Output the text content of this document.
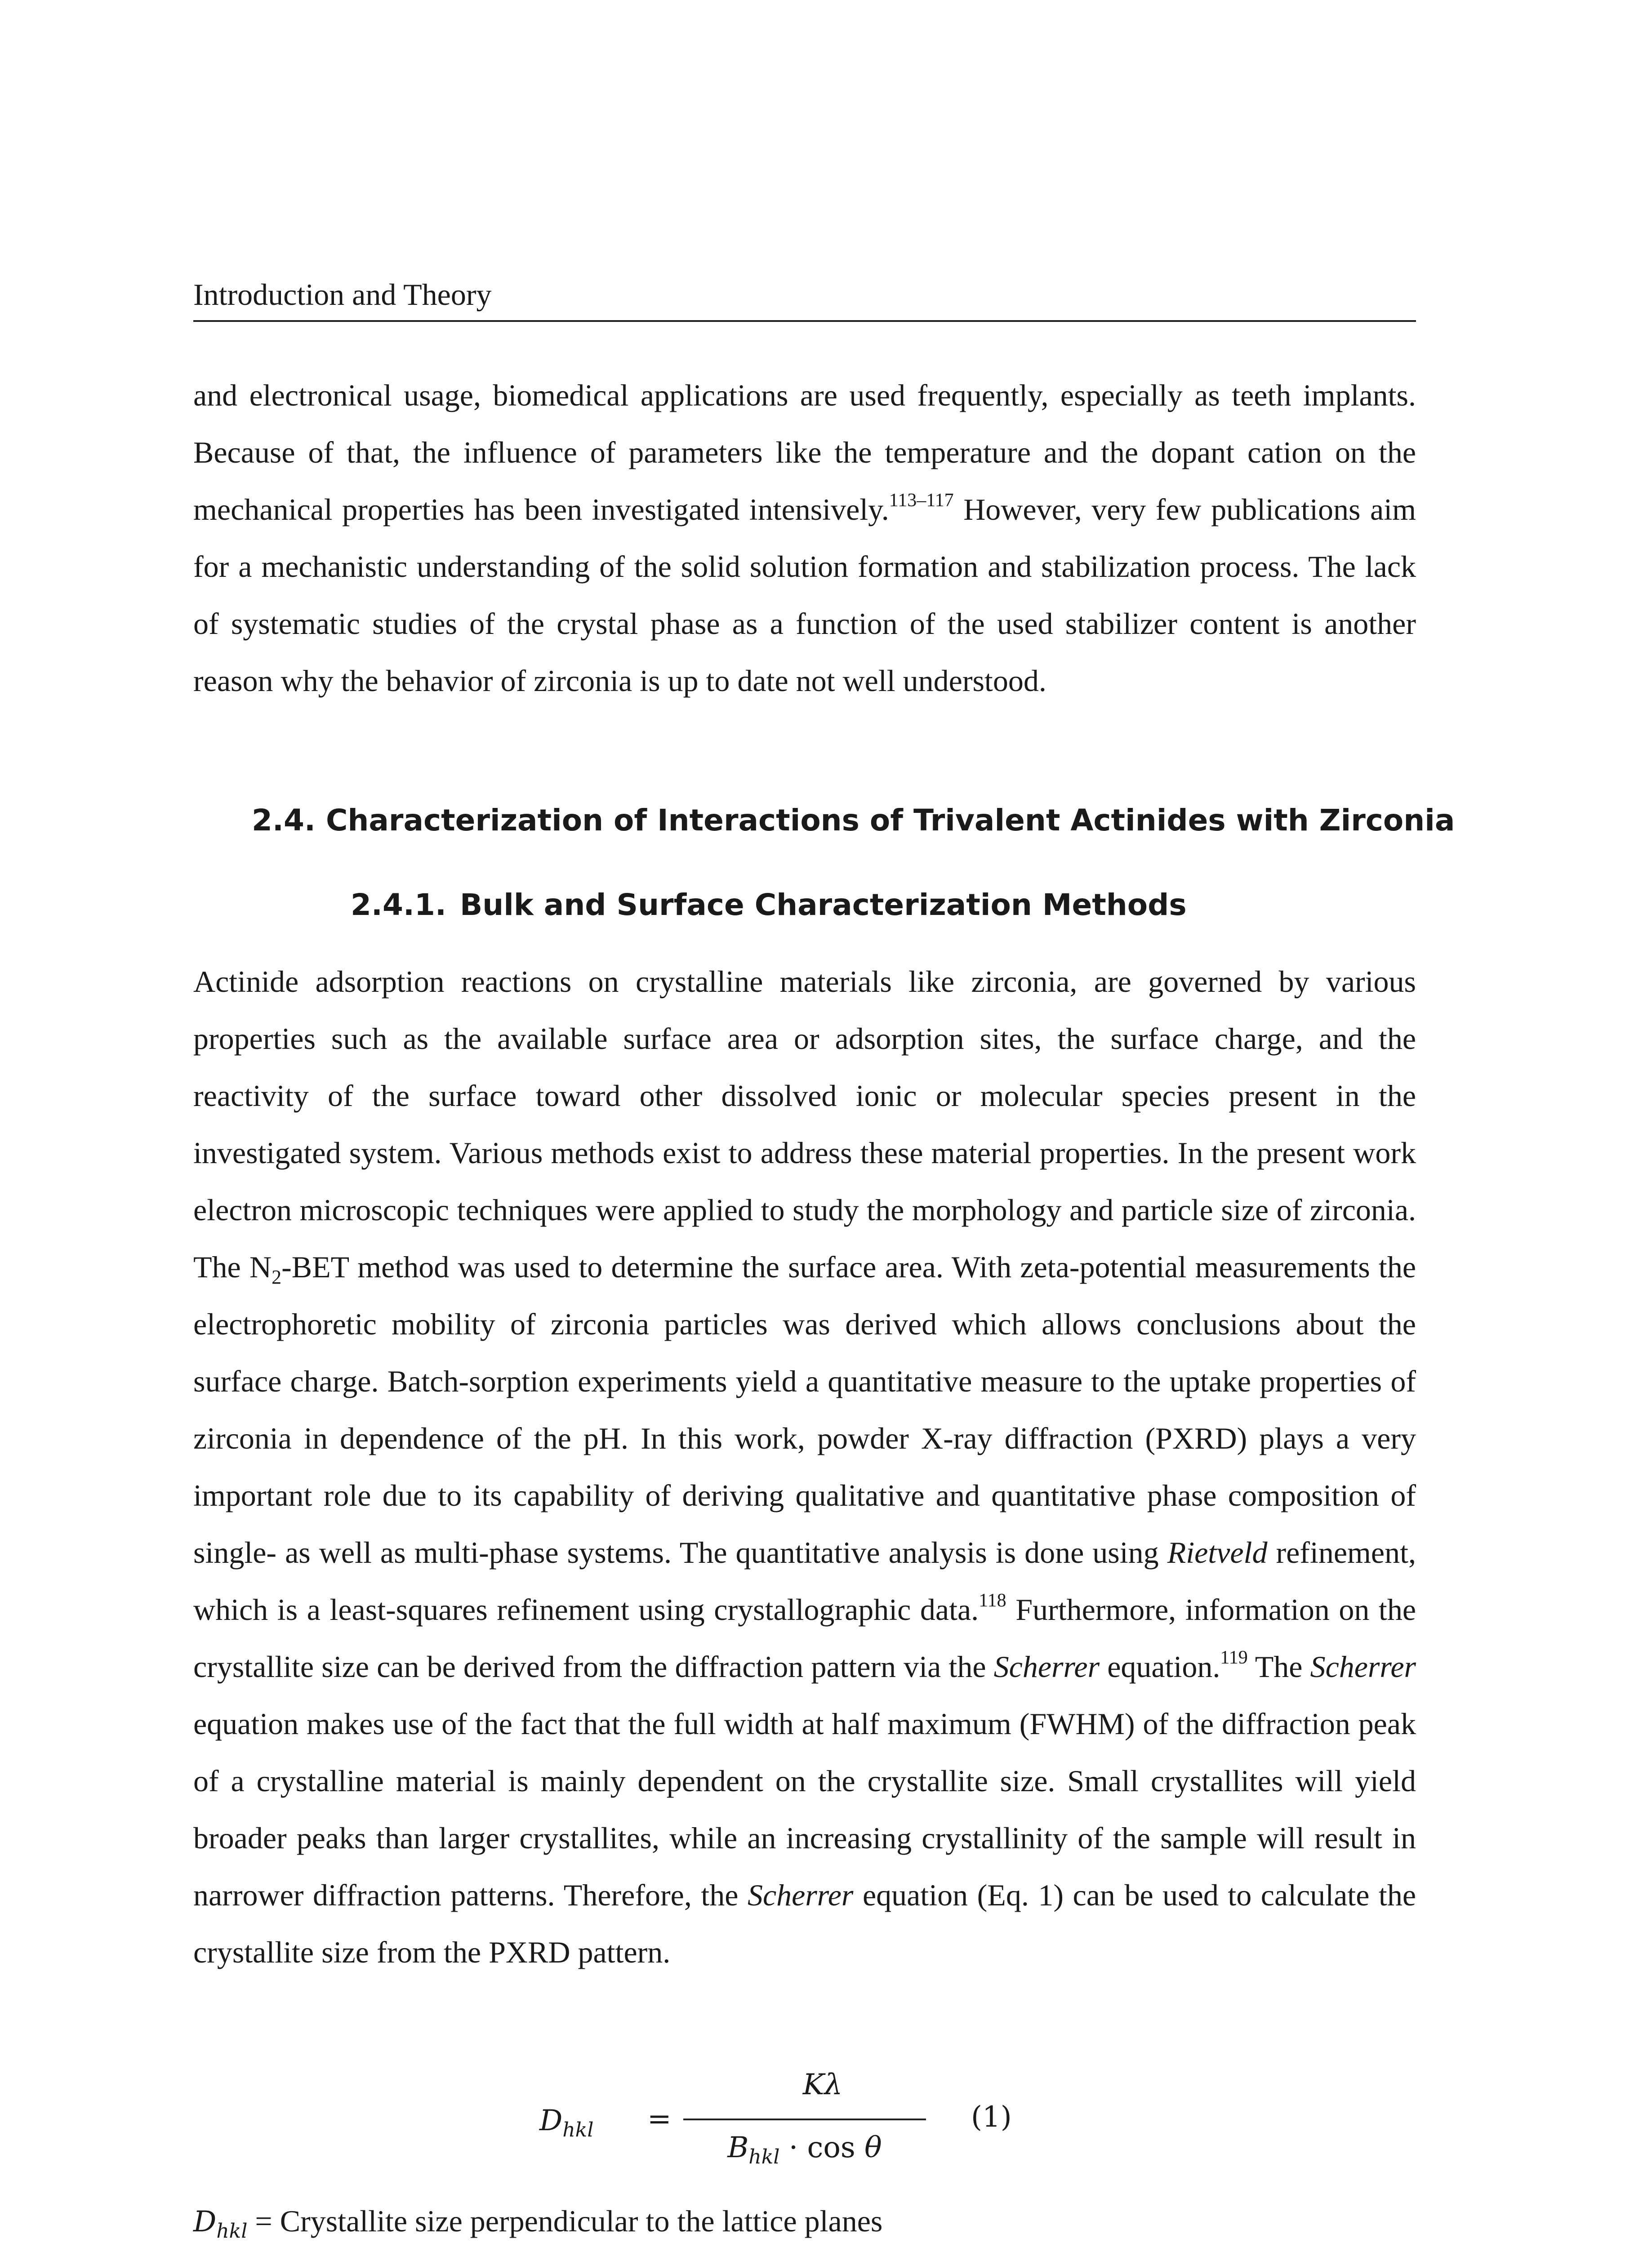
Introduction and Theory
and electronical usage, biomedical applications are used frequently, especially as teeth implants. Because of that, the influence of parameters like the temperature and the dopant cation on the mechanical properties has been investigated intensively.$^{113-117}$ However, very few publications aim for a mechanistic understanding of the solid solution formation and stabilization process. The lack of systematic studies of the crystal phase as a function of the used stabilizer content is another reason why the behavior of zirconia is up to date not well understood.
2.4. Characterization of Interactions of Trivalent Actinides with Zirconia
2.4.1. Bulk and Surface Characterization Methods
Actinide adsorption reactions on crystalline materials like zirconia, are governed by various properties such as the available surface area or adsorption sites, the surface charge, and the reactivity of the surface toward other dissolved ionic or molecular species present in the investigated system. Various methods exist to address these material properties. In the present work electron microscopic techniques were applied to study the morphology and particle size of zirconia. The $N_2$-BET method was used to determine the surface area. With zeta-potential measurements the electrophoretic mobility of zirconia particles was derived which allows conclusions about the surface charge. Batch-sorption experiments yield a quantitative measure to the uptake properties of zirconia in dependence of the pH. In this work, powder X-ray diffraction (PXRD) plays a very important role due to its capability of deriving qualitative and quantitative phase composition of single- as well as multi-phase systems. The quantitative analysis is done using Rietveld refinement, which is a least-squares refinement using crystallographic data.$^{118}$ Furthermore, information on the crystallite size can be derived from the diffraction pattern via the Scherrer equation.$^{119}$ The Scherrer equation makes use of the fact that the full width at half maximum (FWHM) of the diffraction peak of a crystalline material is mainly dependent on the crystallite size. Small crystallites will yield broader peaks than larger crystallites, while an increasing crystallinity of the sample will result in narrower diffraction patterns. Therefore, the Scherrer equation (Eq. 1) can be used to calculate the crystallite size from the PXRD pattern.
$D_{hkl}$ =
Kλ
$B_{hkl} \cdot \cos \theta$
(1)
$D_{hkl}$ = Crystallite size perpendicular to the lattice planes
